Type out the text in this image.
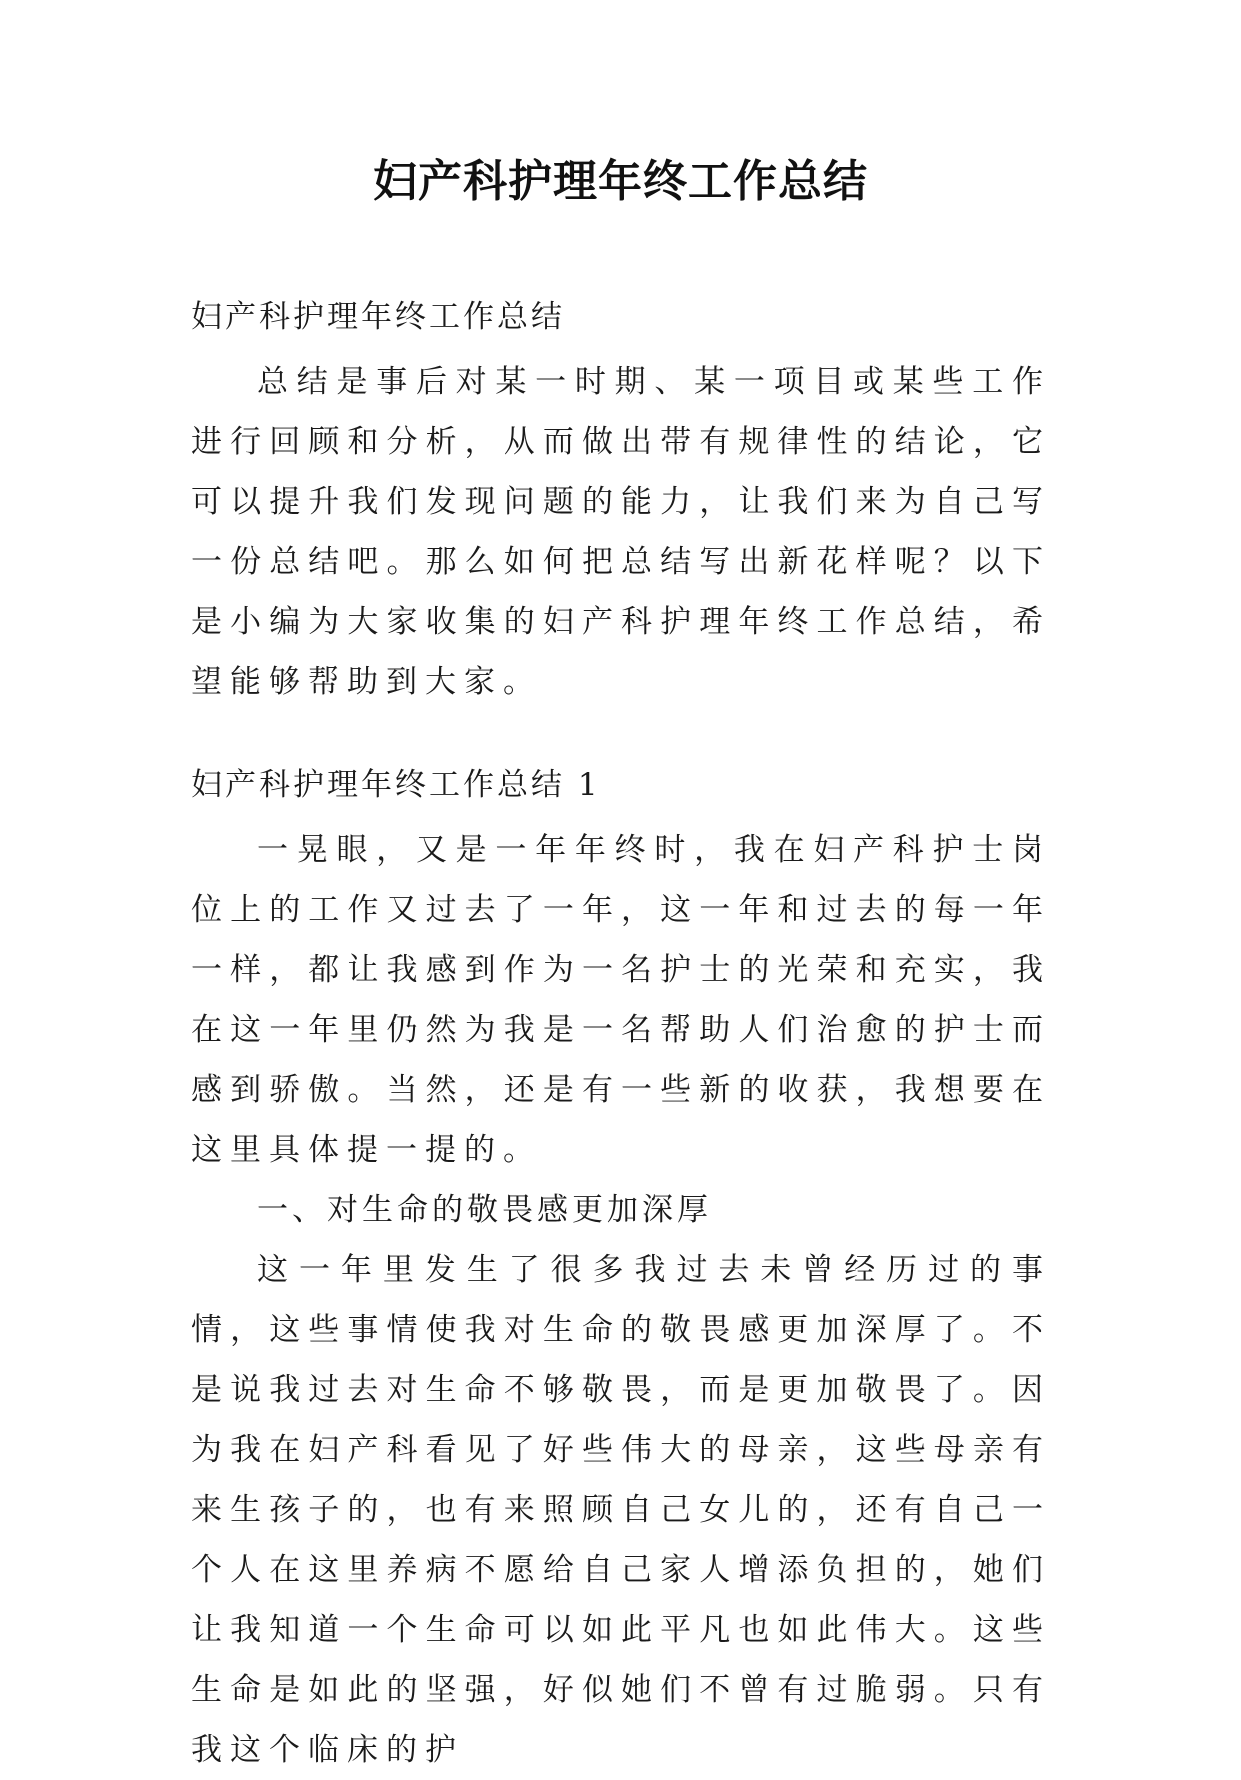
妇产科护理年终工作总结

妇产科护理年终工作总结

总结是事后对某一时期、某一项目或某些工作进行回顾和分析，从而做出带有规律性的结论，它可以提升我们发现问题的能力，让我们来为自己写一份总结吧。那么如何把总结写出新花样呢？以下是小编为大家收集的妇产科护理年终工作总结，希望能够帮助到大家。

妇产科护理年终工作总结 1

一晃眼，又是一年年终时，我在妇产科护士岗位上的工作又过去了一年，这一年和过去的每一年一样，都让我感到作为一名护士的光荣和充实，我在这一年里仍然为我是一名帮助人们治愈的护士而感到骄傲。当然，还是有一些新的收获，我想要在这里具体提一提的。

一、对生命的敬畏感更加深厚

这一年里发生了很多我过去未曾经历过的事情，这些事情使我对生命的敬畏感更加深厚了。不是说我过去对生命不够敬畏，而是更加敬畏了。因为我在妇产科看见了好些伟大的母亲，这些母亲有来生孩子的，也有来照顾自己女儿的，还有自己一个人在这里养病不愿给自己家人增添负担的，她们让我知道一个生命可以如此平凡也如此伟大。这些生命是如此的坚强，好似她们不曾有过脆弱。只有我这个临床的护
